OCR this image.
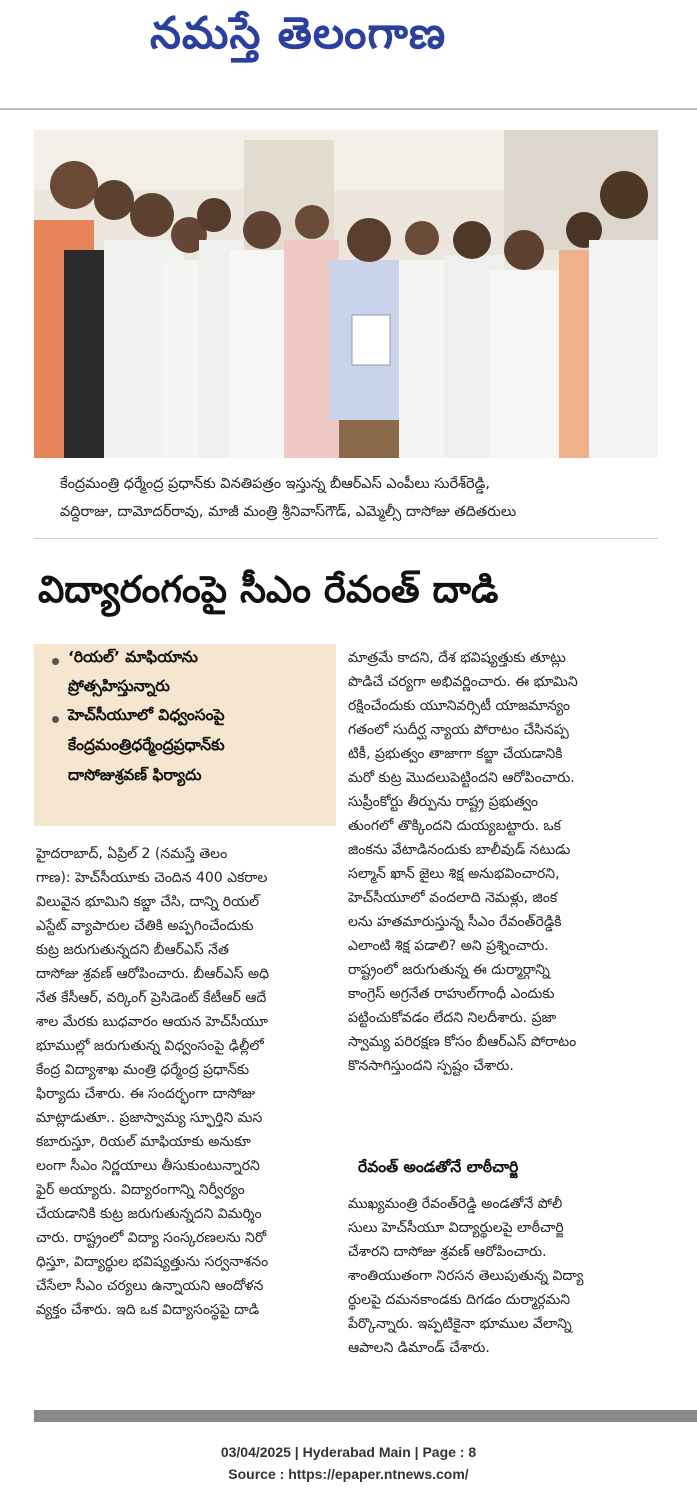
నమస్తే తెలంగాణ
కేంద్రమంత్రి ధర్మేంద్ర ప్రధాన్‌కు వినతిపత్రం ఇస్తున్న బీఆర్‌ఎస్ ఎంపీలు సురేశ్‌రెడ్డి,
వద్దిరాజు, దామోదర్‌రావు, మాజీ మంత్రి శ్రీనివాస్‌గౌడ్, ఎమ్మెల్సీ దాసోజు తదితరులు
విద్యారంగంపై సీఎం రేవంత్ దాడి
‘రియల్’ మాఫియాను
ప్రోత్సహిస్తున్నారు
హెచ్‌సీయూలో విధ్వంసంపై
కేంద్రమంత్రిధర్మేంద్రప్రధాన్‌కు
దాసోజుశ్రవణ్ ఫిర్యాదు
హైదరాబాద్, ఏప్రిల్ 2 (నమస్తే తెలం
గాణ): హెచ్‌సీయూకు చెందిన 400 ఎకరాల
విలువైన భూమిని కబ్జా చేసి, దాన్ని రియల్
ఎస్టేట్ వ్యాపారుల చేతికి అప్పగించేందుకు
కుట్ర జరుగుతున్నదని బీఆర్‌ఎస్ నేత
దాసోజు శ్రవణ్ ఆరోపించారు. బీఆర్‌ఎస్ అధి
నేత కేసీఆర్, వర్కింగ్ ప్రెసిడెంట్ కేటీఆర్ ఆదే
శాల మేరకు బుధవారం ఆయన హెచ్‌సీయూ
భూముల్లో జరుగుతున్న విధ్వంసంపై ఢిల్లీలో
కేంద్ర విద్యాశాఖ మంత్రి ధర్మేంద్ర ప్రధాన్‌కు
ఫిర్యాదు చేశారు. ఈ సందర్భంగా దాసోజు
మాట్లాడుతూ.. ప్రజాస్వామ్య స్ఫూర్తిని మస
కబారుస్తూ, రియల్ మాఫియాకు అనుకూ
లంగా సీఎం నిర్ణయాలు తీసుకుంటున్నారని
ఫైర్ అయ్యారు. విద్యారంగాన్ని నిర్వీర్యం
చేయడానికి కుట్ర జరుగుతున్నదని విమర్శిం
చారు. రాష్ట్రంలో విద్యా సంస్కరణలను నిరో
ధిస్తూ, విద్యార్థుల భవిష్యత్తును సర్వనాశనం
చేసేలా సీఎం చర్యలు ఉన్నాయని ఆందోళన
వ్యక్తం చేశారు. ఇది ఒక విద్యాసంస్థపై దాడి
మాత్రమే కాదని, దేశ భవిష్యత్తుకు తూట్లు
పొడిచే చర్యగా అభివర్ణించారు. ఈ భూమిని
రక్షించేందుకు యూనివర్సిటీ యాజమాన్యం
గతంలో సుదీర్ఘ న్యాయ పోరాటం చేసినప్ప
టికీ, ప్రభుత్వం తాజాగా కబ్జా చేయడానికి
మరో కుట్ర మొదలుపెట్టిందని ఆరోపించారు.
సుప్రీంకోర్టు తీర్పును రాష్ట్ర ప్రభుత్వం
తుంగలో తొక్కిందని దుయ్యబట్టారు. ఒక
జింకను వేటాడినందుకు బాలీవుడ్ నటుడు
సల్మాన్ ఖాన్ జైలు శిక్ష అనుభవించారని,
హెచ్‌సీయూలో వందలాది నెమళ్లు, జింక
లను హతమారుస్తున్న సీఎం రేవంత్‌రెడ్డికి
ఎలాంటి శిక్ష పడాలి? అని ప్రశ్నించారు.
రాష్ట్రంలో జరుగుతున్న ఈ దుర్మార్గాన్ని
కాంగ్రెస్ అగ్రనేత రాహుల్‌గాంధీ ఎందుకు
పట్టించుకోవడం లేదని నిలదీశారు. ప్రజా
స్వామ్య పరిరక్షణ కోసం బీఆర్‌ఎస్ పోరాటం
కొనసాగిస్తుందని స్పష్టం చేశారు.
రేవంత్ అండతోనే లాఠీచార్జి
ముఖ్యమంత్రి రేవంత్‌రెడ్డి అండతోనే పోలీ
సులు హెచ్‌సీయూ విద్యార్థులపై లాఠీచార్జి
చేశారని దాసోజు శ్రవణ్ ఆరోపించారు.
శాంతియుతంగా నిరసన తెలుపుతున్న విద్యా
ర్థులపై దమనకాండకు దిగడం దుర్మార్గమని
పేర్కొన్నారు. ఇప్పటికైనా భూముల వేలాన్ని
ఆపాలని డిమాండ్ చేశారు.
03/04/2025 | Hyderabad Main | Page : 8
Source : https://epaper.ntnews.com/
